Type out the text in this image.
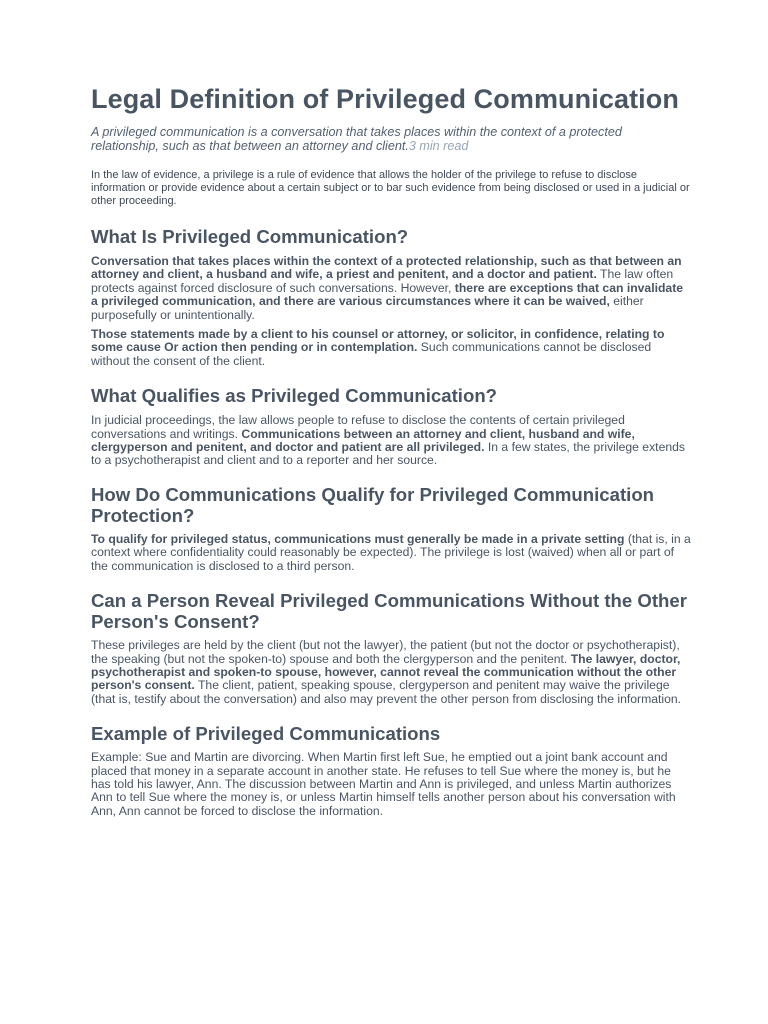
Legal Definition of Privileged Communication

A privileged communication is a conversation that takes places within the context of a protected relationship, such as that between an attorney and client.3 min read

In the law of evidence, a privilege is a rule of evidence that allows the holder of the privilege to refuse to disclose information or provide evidence about a certain subject or to bar such evidence from being disclosed or used in a judicial or other proceeding.

What Is Privileged Communication?

Conversation that takes places within the context of a protected relationship, such as that between an attorney and client, a husband and wife, a priest and penitent, and a doctor and patient. The law often protects against forced disclosure of such conversations. However, there are exceptions that can invalidate a privileged communication, and there are various circumstances where it can be waived, either purposefully or unintentionally.

Those statements made by a client to his counsel or attorney, or solicitor, in confidence, relating to some cause Or action then pending or in contemplation. Such communications cannot be disclosed without the consent of the client.

What Qualifies as Privileged Communication?

In judicial proceedings, the law allows people to refuse to disclose the contents of certain privileged conversations and writings. Communications between an attorney and client, husband and wife, clergyperson and penitent, and doctor and patient are all privileged. In a few states, the privilege extends to a psychotherapist and client and to a reporter and her source.

How Do Communications Qualify for Privileged Communication Protection?

To qualify for privileged status, communications must generally be made in a private setting (that is, in a context where confidentiality could reasonably be expected). The privilege is lost (waived) when all or part of the communication is disclosed to a third person.

Can a Person Reveal Privileged Communications Without the Other Person's Consent?

These privileges are held by the client (but not the lawyer), the patient (but not the doctor or psychotherapist), the speaking (but not the spoken-to) spouse and both the clergyperson and the penitent. The lawyer, doctor, psychotherapist and spoken-to spouse, however, cannot reveal the communication without the other person's consent. The client, patient, speaking spouse, clergyperson and penitent may waive the privilege (that is, testify about the conversation) and also may prevent the other person from disclosing the information.

Example of Privileged Communications

Example: Sue and Martin are divorcing. When Martin first left Sue, he emptied out a joint bank account and placed that money in a separate account in another state. He refuses to tell Sue where the money is, but he has told his lawyer, Ann. The discussion between Martin and Ann is privileged, and unless Martin authorizes Ann to tell Sue where the money is, or unless Martin himself tells another person about his conversation with Ann, Ann cannot be forced to disclose the information.
